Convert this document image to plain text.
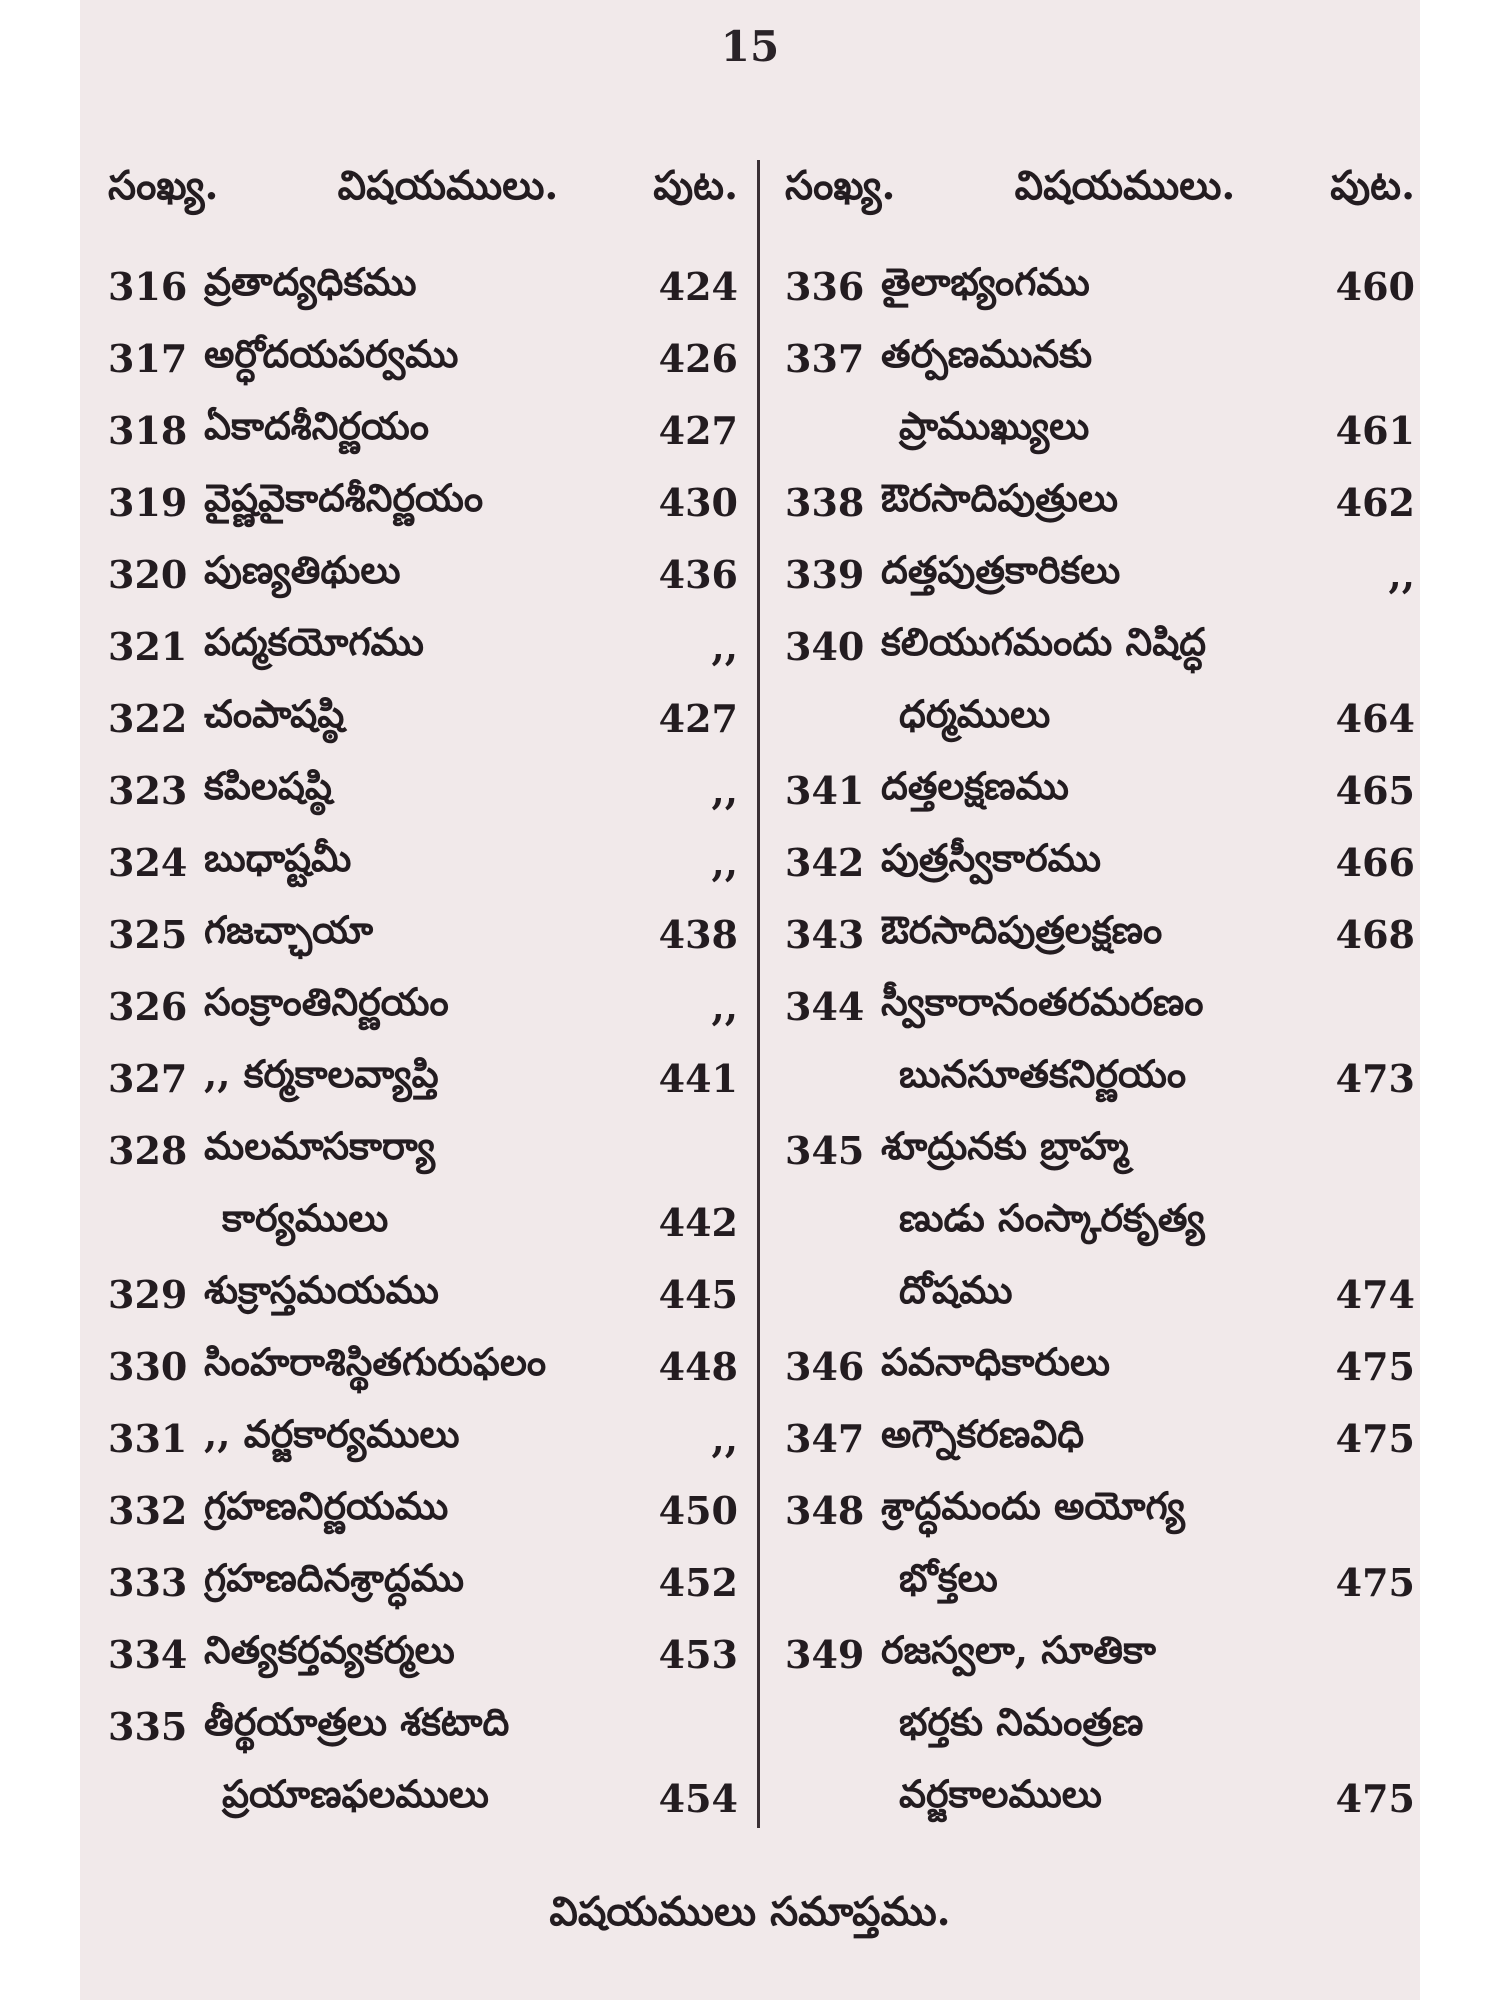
15
సంఖ్య.	విషయములు.	పుట.
316 వ్రతాద్యధికము	424
317 అర్ధోదయపర్వము	426
318 ఏకాదశీనిర్ణయం	427
319 వైష్ణవైకాదశీనిర్ణయం	430
320 పుణ్యతిథులు	436
321 పద్మకయోగము	,,
322 చంపాషష్ఠి	427
323 కపిలషష్ఠి	,,
324 బుధాష్టమీ	,,
325 గజచ్ఛాయా	438
326 సంక్రాంతినిర్ణయం	,,
327 ,, కర్మకాలవ్యాప్తి	441
328 మలమాసకార్యా
కార్యములు	442
329 శుక్రాస్తమయము	445
330 సింహరాశిస్థితగురుఫలం	448
331 ,, వర్జకార్యములు	,,
332 గ్రహణనిర్ణయము	450
333 గ్రహణదినశ్రాద్ధము	452
334 నిత్యకర్తవ్యకర్మలు	453
335 తీర్థయాత్రలు శకటాది
ప్రయాణఫలములు	454
సంఖ్య.	విషయములు.	పుట.
336 తైలాభ్యంగము	460
337 తర్పణమునకు
ప్రాముఖ్యులు	461
338 ఔరసాదిపుత్రులు	462
339 దత్తపుత్రకారికలు	,,
340 కలియుగమందు నిషిద్ధ
ధర్మములు	464
341 దత్తలక్షణము	465
342 పుత్రస్వీకారము	466
343 ఔరసాదిపుత్రలక్షణం	468
344 స్వీకారానంతరమరణం
బునసూతకనిర్ణయం	473
345 శూద్రునకు బ్రాహ్మ
ణుడు సంస్కారకృత్య
దోషము	474
346 పవనాధికారులు	475
347 అగ్నౌకరణవిధి	475
348 శ్రాద్ధమందు అయోగ్య
భోక్తలు	475
349 రజస్వలా, సూతికా
భర్తకు నిమంత్రణ
వర్జకాలములు	475
విషయములు సమాప్తము.
